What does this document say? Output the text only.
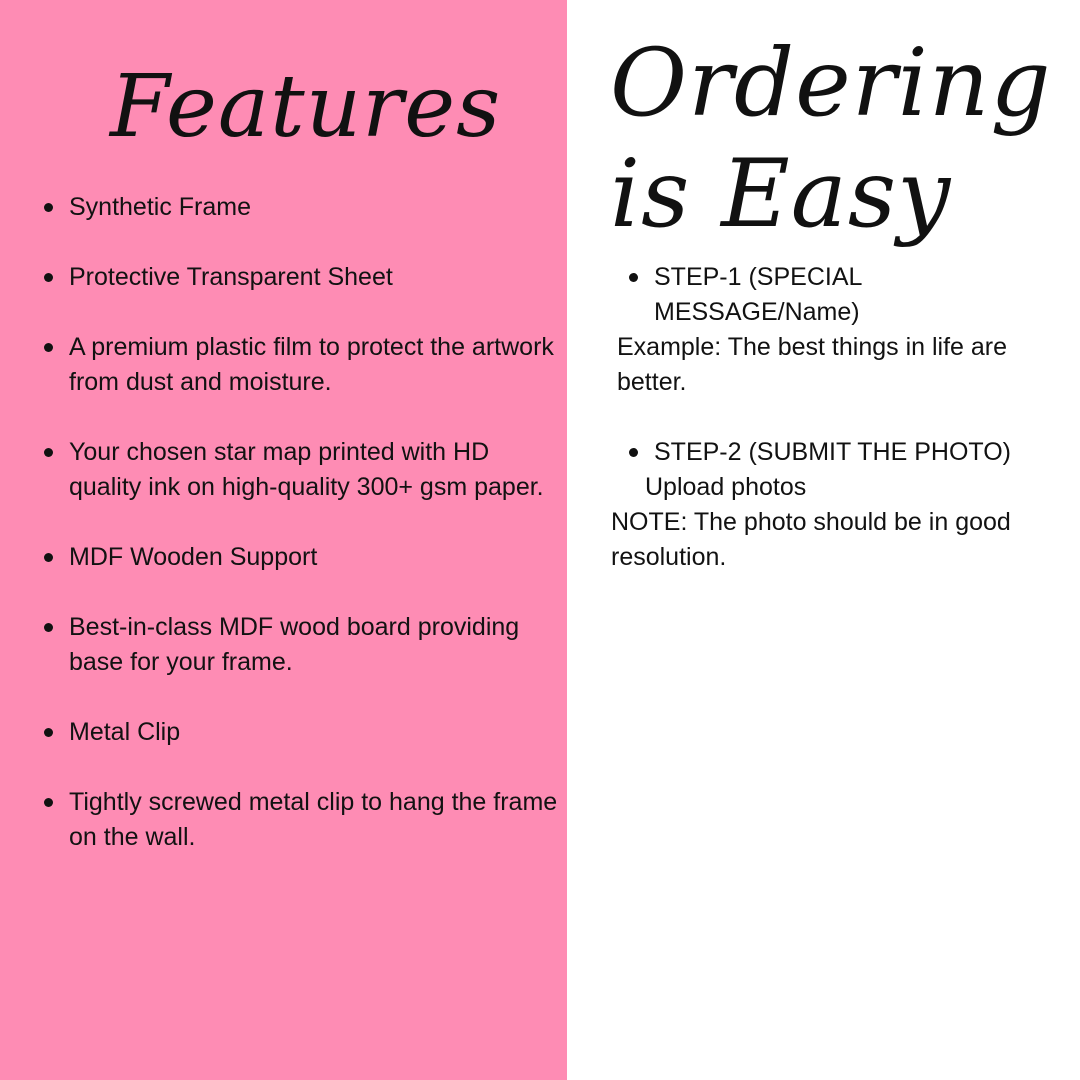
Features
Synthetic Frame
Protective Transparent Sheet
A premium plastic film to protect the artwork from dust and moisture.
Your chosen star map printed with HD quality ink on high-quality 300+ gsm paper.
MDF Wooden Support
Best-in-class MDF wood board providing base for your frame.
Metal Clip
Tightly screwed metal clip to hang the frame on the wall.
Ordering
is Easy
STEP-1 (SPECIAL MESSAGE/Name)
Example: The best things in life are better.
STEP-2 (SUBMIT THE PHOTO)
Upload photos
NOTE: The photo should be in good resolution.
